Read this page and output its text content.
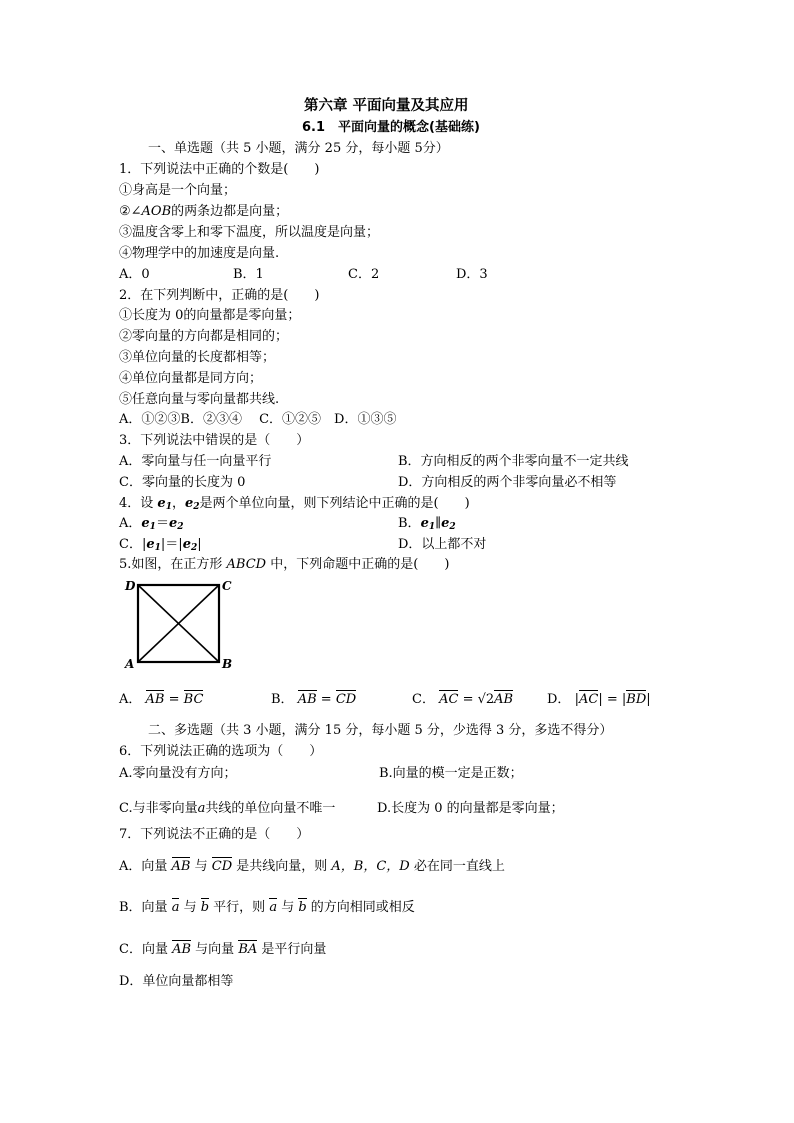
第六章 平面向量及其应用
6.1　平面向量的概念(基础练)
一、单选题（共 5 小题，满分 25 分，每小题 5分）
1．下列说法中正确的个数是(　　)
①身高是一个向量；
②∠AOB的两条边都是向量；
③温度含零上和零下温度，所以温度是向量；
④物理学中的加速度是向量.
A．0	B．1	C．2	D．3
2．在下列判断中，正确的是(　　)
①长度为 0的向量都是零向量；
②零向量的方向都是相同的；
③单位向量的长度都相等；
④单位向量都是同方向；
⑤任意向量与零向量都共线.
A．①②③B．②③④　 C．①②⑤　D．①③⑤
3．下列说法中错误的是（　　）
A．零向量与任一向量平行	B．方向相反的两个非零向量不一定共线
C．零向量的长度为 0	D．方向相反的两个非零向量必不相等
4．设 $e_1$，$e_2$是两个单位向量，则下列结论中正确的是(　　)
A．$e_1=e_2$	B．$e_1\parallel e_2$
C．$|e_1|=|e_2|$	D．以上都不对
5.如图，在正方形 ABCD 中，下列命题中正确的是(　　)
D	C
A	B
A． AB = BC	B． AB = CD	C． AC = √2AB	D． |AC| = |BD|
二、多选题（共 3 小题，满分 15 分，每小题 5 分，少选得 3 分，多选不得分）
6．下列说法正确的选项为（　　）
A.零向量没有方向；	B.向量的模一定是正数；
C.与非零向量a共线的单位向量不唯一	D.长度为 0 的向量都是零向量；
7．下列说法不正确的是（　　）
A．向量 AB 与 CD 是共线向量，则 A，B，C，D 必在同一直线上
B．向量 a 与 b 平行，则 a 与 b 的方向相同或相反
C．向量 AB 与向量 BA 是平行向量
D．单位向量都相等
